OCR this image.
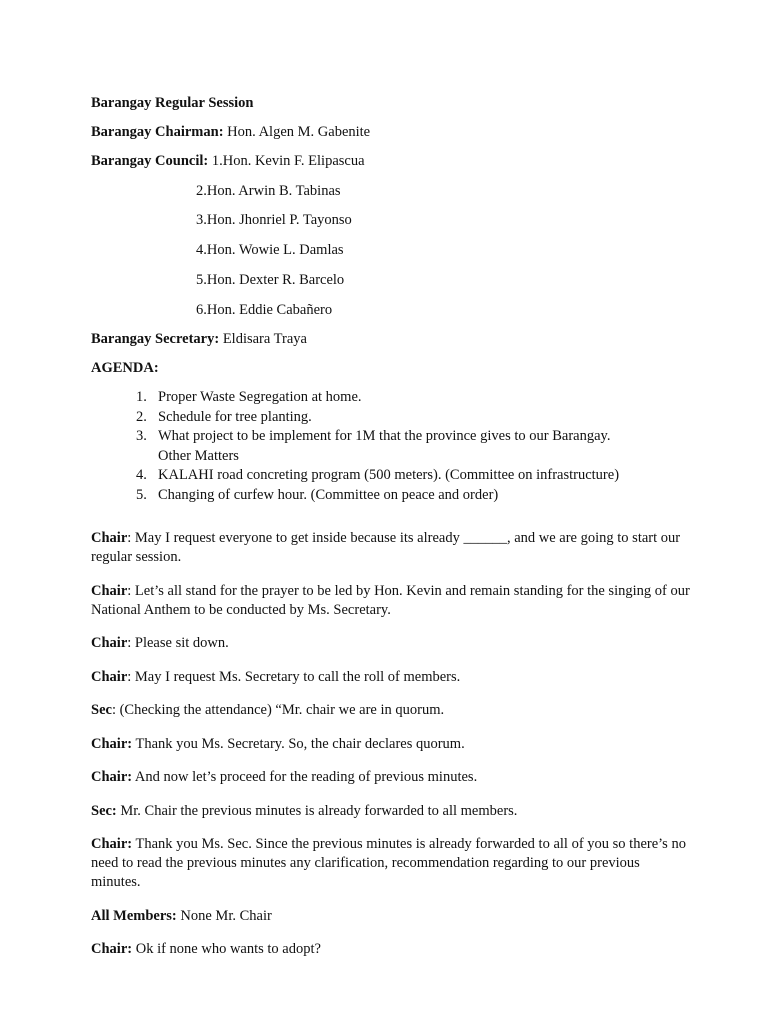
Barangay Regular Session

Barangay Chairman: Hon. Algen M. Gabenite

Barangay Council: 1.Hon. Kevin F. Elipascua

2.Hon. Arwin B. Tabinas

3.Hon. Jhonriel P. Tayonso

4.Hon. Wowie L. Damlas

5.Hon. Dexter R. Barcelo

6.Hon. Eddie Cabañero

Barangay Secretary: Eldisara Traya

AGENDA:

1. Proper Waste Segregation at home.
2. Schedule for tree planting.
3. What project to be implement for 1M that the province gives to our Barangay.
Other Matters
4. KALAHI road concreting program (500 meters). (Committee on infrastructure)
5. Changing of curfew hour. (Committee on peace and order)

Chair: May I request everyone to get inside because its already ______, and we are going to start our regular session.

Chair: Let’s all stand for the prayer to be led by Hon. Kevin and remain standing for the singing of our National Anthem to be conducted by Ms. Secretary.

Chair: Please sit down.

Chair: May I request Ms. Secretary to call the roll of members.

Sec: (Checking the attendance) “Mr. chair we are in quorum.

Chair: Thank you Ms. Secretary. So, the chair declares quorum.

Chair: And now let’s proceed for the reading of previous minutes.

Sec: Mr. Chair the previous minutes is already forwarded to all members.

Chair: Thank you Ms. Sec. Since the previous minutes is already forwarded to all of you so there’s no need to read the previous minutes any clarification, recommendation regarding to our previous minutes.

All Members: None Mr. Chair

Chair: Ok if none who wants to adopt?
